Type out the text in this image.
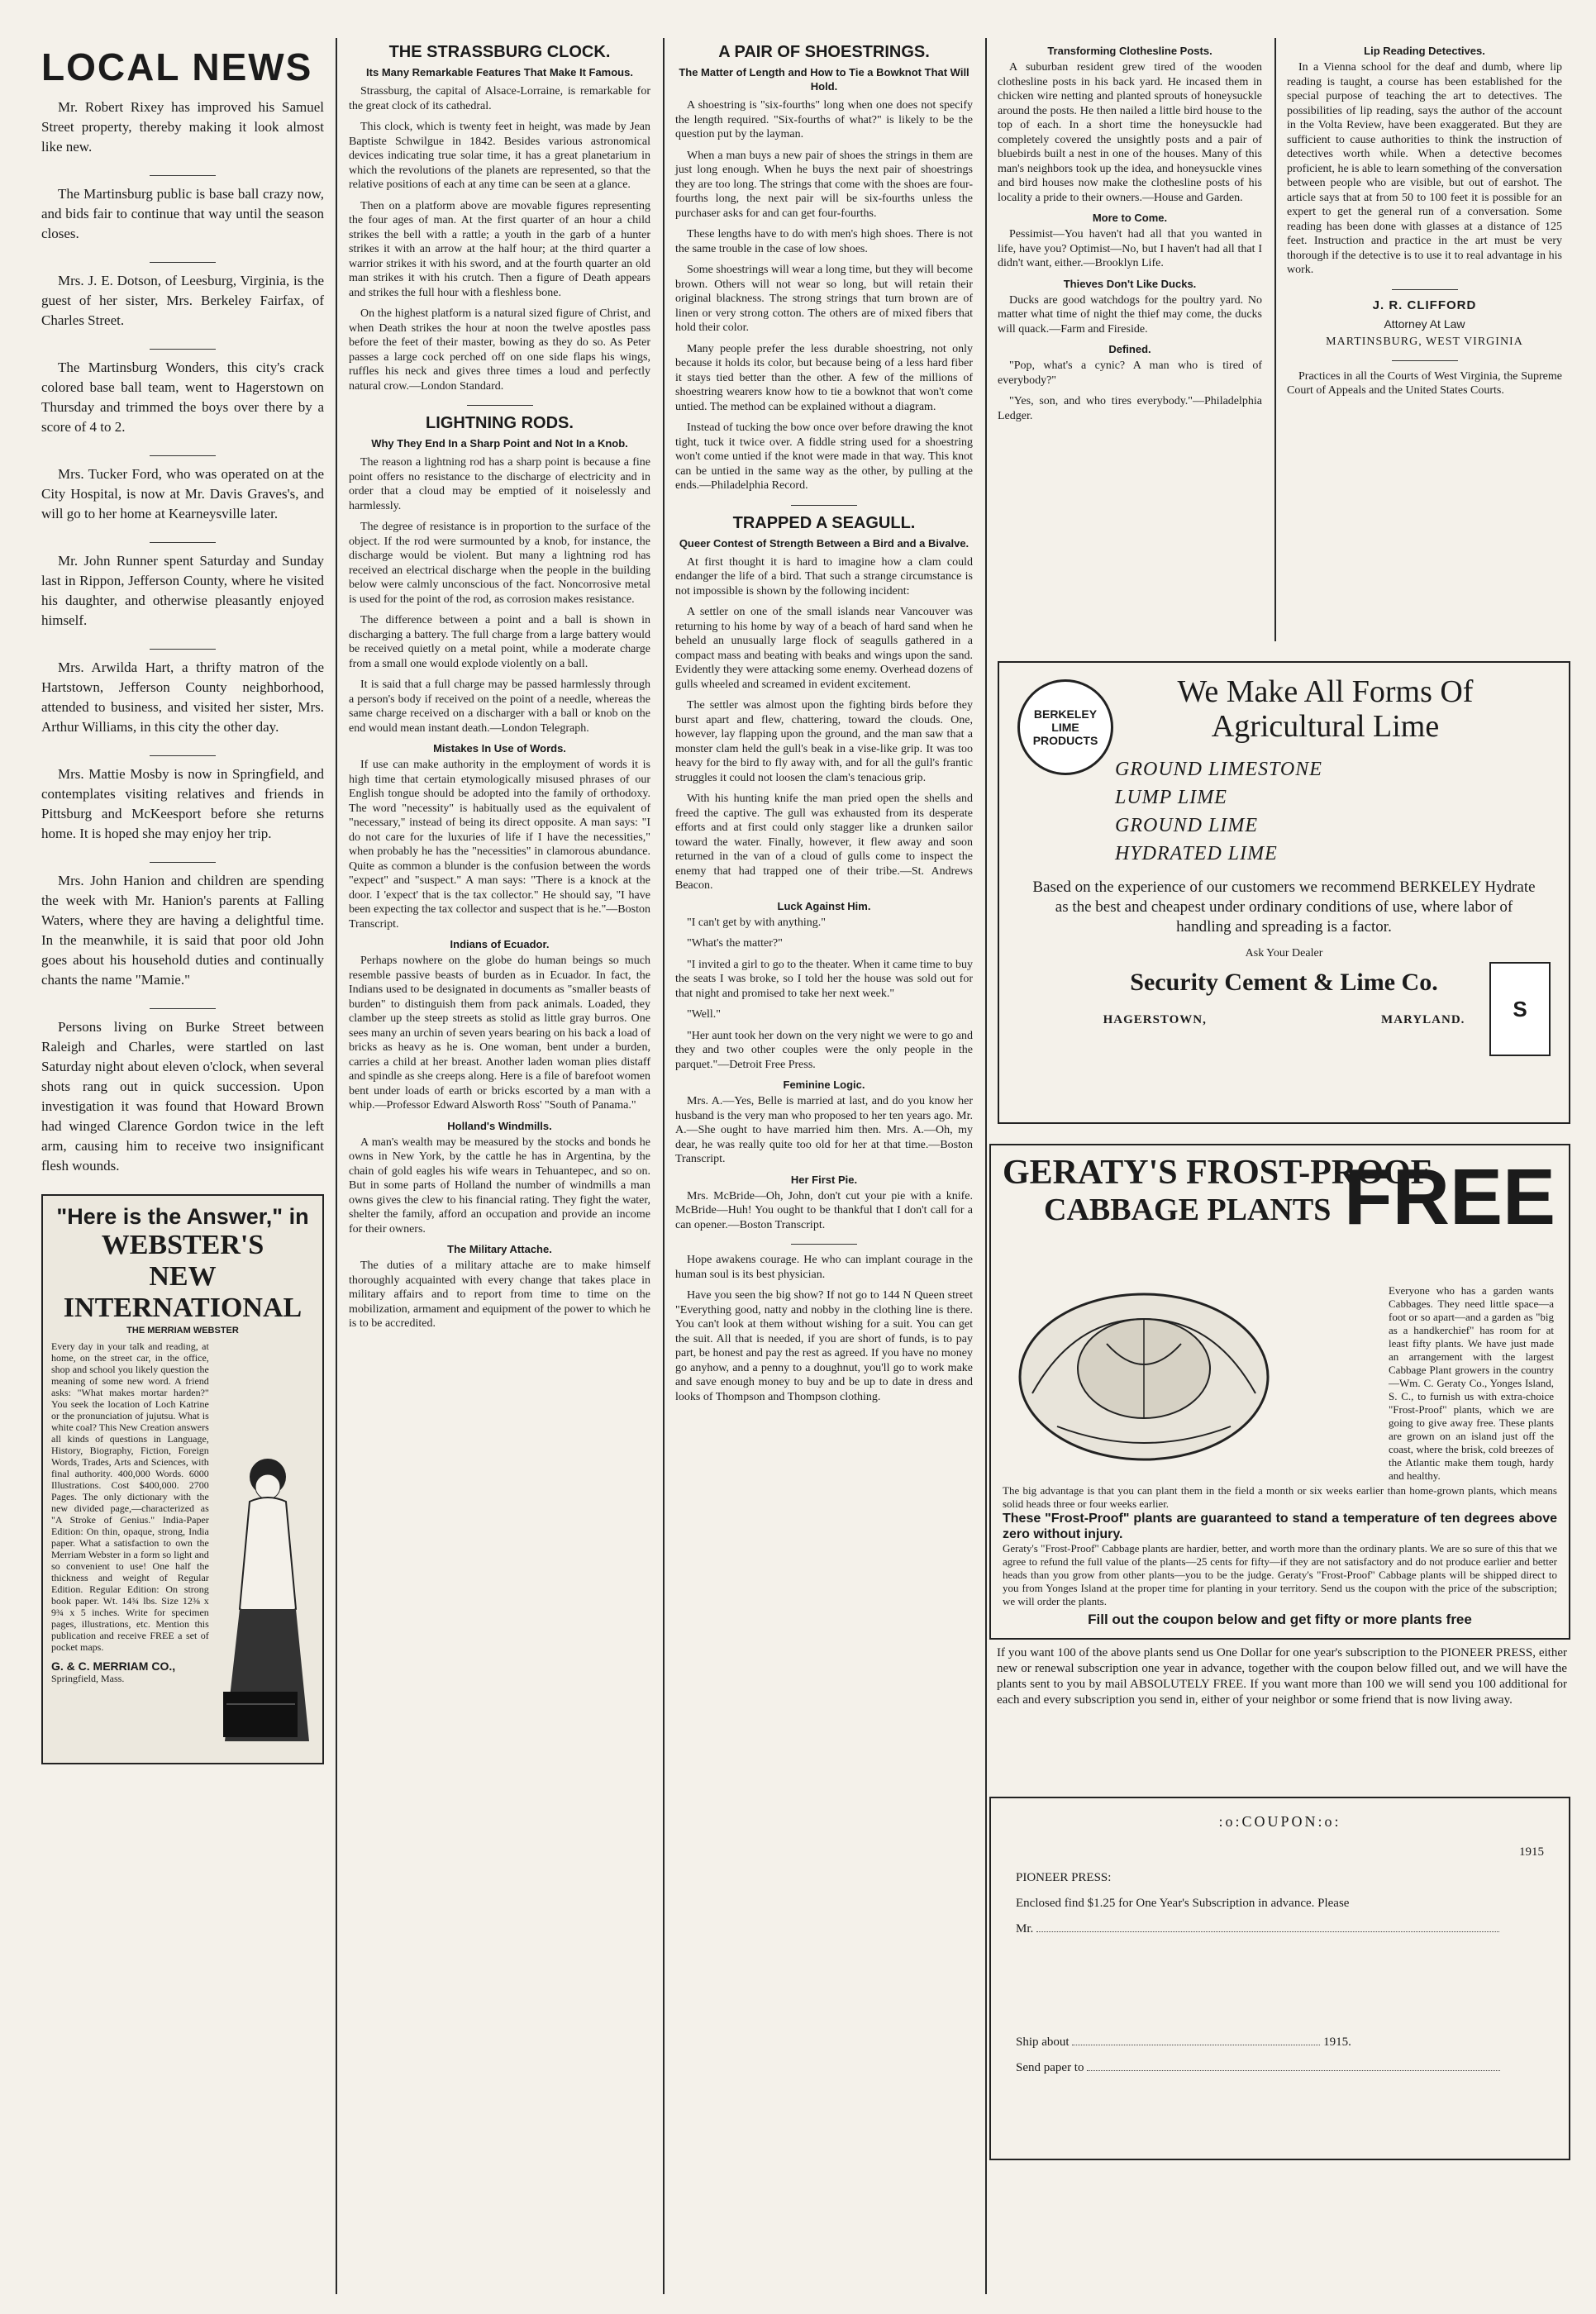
LOCAL NEWS

Mr. Robert Rixey has improved his Samuel Street property, thereby making it look almost like new.

The Martinsburg public is base ball crazy now, and bids fair to continue that way until the season closes.

Mrs. J. E. Dotson, of Leesburg, Virginia, is the guest of her sister, Mrs. Berkeley Fairfax, of Charles Street.

The Martinsburg Wonders, this city's crack colored base ball team, went to Hagerstown on Thursday and trimmed the boys over there by a score of 4 to 2.

Mrs. Tucker Ford, who was operated on at the City Hospital, is now at Mr. Davis Graves's, and will go to her home at Kearneysville later.

Mr. John Runner spent Saturday and Sunday last in Rippon, Jefferson County, where he visited his daughter, and otherwise pleasantly enjoyed himself.

Mrs. Arwilda Hart, a thrifty matron of the Hartstown, Jefferson County neighborhood, attended to business, and visited her sister, Mrs. Arthur Williams, in this city the other day.

Mrs. Mattie Mosby is now in Springfield, and contemplates visiting relatives and friends in Pittsburg and McKeesport before she returns home. It is hoped she may enjoy her trip.

Mrs. John Hanion and children are spending the week with Mr. Hanion's parents at Falling Waters, where they are having a delightful time. In the meanwhile, it is said that poor old John goes about his household duties and continually chants the name "Mamie."

Persons living on Burke Street between Raleigh and Charles, were startled on last Saturday night about eleven o'clock, when several shots rang out in quick succession. Upon investigation it was found that Howard Brown had winged Clarence Gordon twice in the left arm, causing him to receive two insignificant flesh wounds.

"Here is the Answer," in
WEBSTER'S
NEW INTERNATIONAL
THE MERRIAM WEBSTER
Every day in your talk and reading, at home, on the street car, in the office, shop and school you likely question the meaning of some new word. A friend asks: "What makes mortar harden?" You seek the location of Loch Katrine or the pronunciation of jujutsu. What is white coal? This New Creation answers all kinds of questions in Language, History, Biography, Fiction, Foreign Words, Trades, Arts and Sciences, with final authority. 400,000 Words. 6000 Illustrations. Cost $400,000. 2700 Pages. The only dictionary with the new divided page,—characterized as "A Stroke of Genius." India-Paper Edition: On thin, opaque, strong, India paper. What a satisfaction to own the Merriam Webster in a form so light and so convenient to use! One half the thickness and weight of Regular Edition. Regular Edition: On strong book paper. Wt. 14¾ lbs. Size 12⅜ x 9¾ x 5 inches. Write for specimen pages, illustrations, etc. Mention this publication and receive FREE a set of pocket maps.
G. & C. MERRIAM CO.,
Springfield, Mass.
THE STRASSBURG CLOCK.
Its Many Remarkable Features That Make It Famous.

Strassburg, the capital of Alsace-Lorraine, is remarkable for the great clock of its cathedral.

This clock, which is twenty feet in height, was made by Jean Baptiste Schwilgue in 1842. Besides various astronomical devices indicating true solar time, it has a great planetarium in which the revolutions of the planets are represented, so that the relative positions of each at any time can be seen at a glance.

Then on a platform above are movable figures representing the four ages of man. At the first quarter of an hour a child strikes the bell with a rattle; a youth in the garb of a hunter strikes it with an arrow at the half hour; at the third quarter a warrior strikes it with his sword, and at the fourth quarter an old man strikes it with his crutch. Then a figure of Death appears and strikes the full hour with a fleshless bone.

On the highest platform is a natural sized figure of Christ, and when Death strikes the hour at noon the twelve apostles pass before the feet of their master, bowing as they do so. As Peter passes a large cock perched off on one side flaps his wings, ruffles his neck and gives three times a loud and perfectly natural crow.—London Standard.

LIGHTNING RODS.
Why They End In a Sharp Point and Not In a Knob.

The reason a lightning rod has a sharp point is because a fine point offers no resistance to the discharge of electricity and in order that a cloud may be emptied of it noiselessly and harmlessly.

The degree of resistance is in proportion to the surface of the object. If the rod were surmounted by a knob, for instance, the discharge would be violent. But many a lightning rod has received an electrical discharge when the people in the building below were calmly unconscious of the fact. Noncorrosive metal is used for the point of the rod, as corrosion makes resistance.

The difference between a point and a ball is shown in discharging a battery. The full charge from a large battery would be received quietly on a metal point, while a moderate charge from a small one would explode violently on a ball.

It is said that a full charge may be passed harmlessly through a person's body if received on the point of a needle, whereas the same charge received on a discharger with a ball or knob on the end would mean instant death.—London Telegraph.

Mistakes In Use of Words.

If use can make authority in the employment of words it is high time that certain etymologically misused phrases of our English tongue should be adopted into the family of orthodoxy. The word "necessity" is habitually used as the equivalent of "necessary," instead of being its direct opposite. A man says: "I do not care for the luxuries of life if I have the necessities," when probably he has the "necessities" in clamorous abundance. Quite as common a blunder is the confusion between the words "expect" and "suspect." A man says: "There is a knock at the door. I 'expect' that is the tax collector." He should say, "I have been expecting the tax collector and suspect that is he."—Boston Transcript.

Indians of Ecuador.

Perhaps nowhere on the globe do human beings so much resemble passive beasts of burden as in Ecuador. In fact, the Indians used to be designated in documents as "smaller beasts of burden" to distinguish them from pack animals. Loaded, they clamber up the steep streets as stolid as little gray burros. One sees many an urchin of seven years bearing on his back a load of bricks as heavy as he is. One woman, bent under a burden, carries a child at her breast. Another laden woman plies distaff and spindle as she creeps along. Here is a file of barefoot women bent under loads of earth or bricks escorted by a man with a whip.—Professor Edward Alsworth Ross' "South of Panama."

Holland's Windmills.

A man's wealth may be measured by the stocks and bonds he owns in New York, by the cattle he has in Argentina, by the chain of gold eagles his wife wears in Tehuantepec, and so on. But in some parts of Holland the number of windmills a man owns gives the clew to his financial rating. They fight the water, shelter the family, afford an occupation and provide an income for their owners.

The Military Attache.

The duties of a military attache are to make himself thoroughly acquainted with every change that takes place in military affairs and to report from time to time on the mobilization, armament and equipment of the power to which he is to be accredited.

A PAIR OF SHOESTRINGS.
The Matter of Length and How to Tie a Bowknot That Will Hold.

A shoestring is "six-fourths" long when one does not specify the length required. "Six-fourths of what?" is likely to be the question put by the layman.

When a man buys a new pair of shoes the strings in them are just long enough. When he buys the next pair of shoestrings they are too long. The strings that come with the shoes are four-fourths long, the next pair will be six-fourths unless the purchaser asks for and can get four-fourths.

These lengths have to do with men's high shoes. There is not the same trouble in the case of low shoes.

Some shoestrings will wear a long time, but they will become brown. Others will not wear so long, but will retain their original blackness. The strong strings that turn brown are of linen or very strong cotton. The others are of mixed fibers that hold their color.

Many people prefer the less durable shoestring, not only because it holds its color, but because being of a less hard fiber it stays tied better than the other. A few of the millions of shoestring wearers know how to tie a bowknot that won't come untied. The method can be explained without a diagram.

Instead of tucking the bow once over before drawing the knot tight, tuck it twice over. A fiddle string used for a shoestring won't come untied if the knot were made in that way. This knot can be untied in the same way as the other, by pulling at the ends.—Philadelphia Record.

TRAPPED A SEAGULL.
Queer Contest of Strength Between a Bird and a Bivalve.

At first thought it is hard to imagine how a clam could endanger the life of a bird. That such a strange circumstance is not impossible is shown by the following incident:

A settler on one of the small islands near Vancouver was returning to his home by way of a beach of hard sand when he beheld an unusually large flock of seagulls gathered in a compact mass and beating with beaks and wings upon the sand. Evidently they were attacking some enemy. Overhead dozens of gulls wheeled and screamed in evident excitement.

The settler was almost upon the fighting birds before they burst apart and flew, chattering, toward the clouds. One, however, lay flapping upon the ground, and the man saw that a monster clam held the gull's beak in a vise-like grip. It was too heavy for the bird to fly away with, and for all the gull's frantic struggles it could not loosen the clam's tenacious grip.

With his hunting knife the man pried open the shells and freed the captive. The gull was exhausted from its desperate efforts and at first could only stagger like a drunken sailor toward the water. Finally, however, it flew away and soon returned in the van of a cloud of gulls come to inspect the enemy that had trapped one of their tribe.—St. Andrews Beacon.

Luck Against Him.

"I can't get by with anything."

"What's the matter?"

"I invited a girl to go to the theater. When it came time to buy the seats I was broke, so I told her the house was sold out for that night and promised to take her next week."

"Well."

"Her aunt took her down on the very night we were to go and they and two other couples were the only people in the parquet."—Detroit Free Press.

Feminine Logic.

Mrs. A.—Yes, Belle is married at last, and do you know her husband is the very man who proposed to her ten years ago. Mr. A.—She ought to have married him then. Mrs. A.—Oh, my dear, he was really quite too old for her at that time.—Boston Transcript.

Her First Pie.

Mrs. McBride—Oh, John, don't cut your pie with a knife. McBride—Huh! You ought to be thankful that I don't call for a can opener.—Boston Transcript.

Hope awakens courage. He who can implant courage in the human soul is its best physician.

Have you seen the big show? If not go to 144 N Queen street "Everything good, natty and nobby in the clothing line is there. You can't look at them without wishing for a suit. You can get the suit. All that is needed, if you are short of funds, is to pay part, be honest and pay the rest as agreed. If you have no money go anyhow, and a penny to a doughnut, you'll go to work make and save enough money to buy and be up to date in dress and looks of Thompson and Thompson clothing.

Transforming Clothesline Posts.

A suburban resident grew tired of the wooden clothesline posts in his back yard. He incased them in chicken wire netting and planted sprouts of honeysuckle around the posts. He then nailed a little bird house to the top of each. In a short time the honeysuckle had completely covered the unsightly posts and a pair of bluebirds built a nest in one of the houses. Many of this man's neighbors took up the idea, and honeysuckle vines and bird houses now make the clothesline posts of his locality a pride to their owners.—House and Garden.

More to Come.

Pessimist—You haven't had all that you wanted in life, have you? Optimist—No, but I haven't had all that I didn't want, either.—Brooklyn Life.

Thieves Don't Like Ducks.

Ducks are good watchdogs for the poultry yard. No matter what time of night the thief may come, the ducks will quack.—Farm and Fireside.

Defined.

"Pop, what's a cynic? A man who is tired of everybody?"

"Yes, son, and who tires everybody."—Philadelphia Ledger.

Lip Reading Detectives.

In a Vienna school for the deaf and dumb, where lip reading is taught, a course has been established for the special purpose of teaching the art to detectives. The possibilities of lip reading, says the author of the account in the Volta Review, have been exaggerated. But they are sufficient to cause authorities to think the instruction of detectives worth while. When a detective becomes proficient, he is able to learn something of the conversation between people who are visible, but out of earshot. The article says that at from 50 to 100 feet it is possible for an expert to get the general run of a conversation. Some reading has been done with glasses at a distance of 125 feet. Instruction and practice in the art must be very thorough if the detective is to use it to real advantage in his work.

J. R. CLIFFORD
Attorney At Law
MARTINSBURG, WEST VIRGINIA
Practices in all the Courts of West Virginia, the Supreme Court of Appeals and the United States Courts.
BERKELEY LIME PRODUCTS
We Make All Forms Of
Agricultural Lime
GROUND LIMESTONE
LUMP LIME
GROUND LIME
HYDRATED LIME
Based on the experience of our customers we recommend BERKELEY Hydrate as the best and cheapest under ordinary conditions of use, where labor of handling and spreading is a factor.
Ask Your Dealer
Security Cement & Lime Co.
HAGERSTOWN,	MARYLAND.	S
GERATY'S FROST-PROOF
CABBAGE PLANTS FREE
Everyone who has a garden wants Cabbages. They need little space—a foot or so apart—and a garden as "big as a handkerchief" has room for at least fifty plants. We have just made an arrangement with the largest Cabbage Plant growers in the country—Wm. C. Geraty Co., Yonges Island, S. C., to furnish us with extra-choice "Frost-Proof" plants, which we are going to give away free. These plants are grown on an island just off the coast, where the brisk, cold breezes of the Atlantic make them tough, hardy and healthy.
The big advantage is that you can plant them in the field a month or six weeks earlier than home-grown plants, which means solid heads three or four weeks earlier.
These "Frost-Proof" plants are guaranteed to stand a temperature of ten degrees above zero without injury.
Geraty's "Frost-Proof" Cabbage plants are hardier, better, and worth more than the ordinary plants. We are so sure of this that we agree to refund the full value of the plants—25 cents for fifty—if they are not satisfactory and do not produce earlier and better heads than you grow from other plants—you to be the judge. Geraty's "Frost-Proof" Cabbage plants will be shipped direct to you from Yonges Island at the proper time for planting in your territory. Send us the coupon with the price of the subscription; we will order the plants.
Fill out the coupon below and get fifty or more plants free
If you want 100 of the above plants send us One Dollar for one year's subscription to the PIONEER PRESS, either new or renewal subscription one year in advance, together with the coupon below filled out, and we will have the plants sent to you by mail ABSOLUTELY FREE. If you want more than 100 we will send you 100 additional for each and every subscription you send in, either of your neighbor or some friend that is now living away.
:o:COUPON:o:
1915
PIONEER PRESS:
Enclosed find $1.25 for One Year's Subscription in advance. Please
Mr.
Ship about	1915.
Send paper to
